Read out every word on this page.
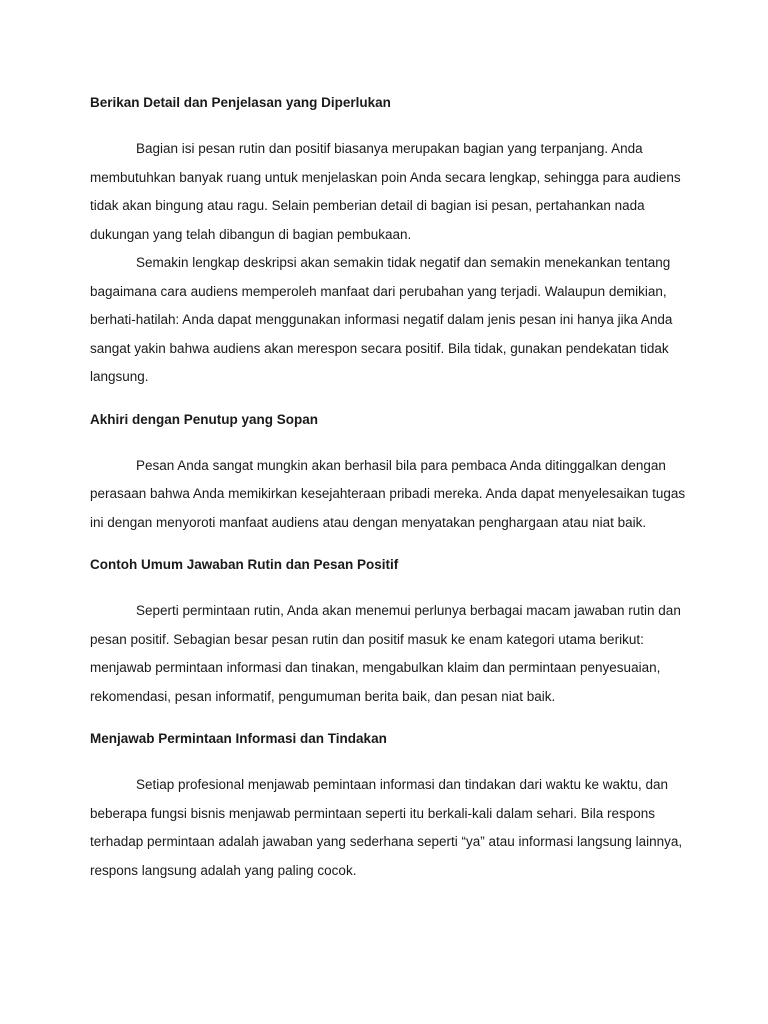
Berikan Detail dan Penjelasan yang Diperlukan

Bagian isi pesan rutin dan positif biasanya merupakan bagian yang terpanjang. Anda membutuhkan banyak ruang untuk menjelaskan poin Anda secara lengkap, sehingga para audiens tidak akan bingung atau ragu. Selain pemberian detail di bagian isi pesan, pertahankan nada dukungan yang telah dibangun di bagian pembukaan.

Semakin lengkap deskripsi akan semakin tidak negatif dan semakin menekankan tentang bagaimana cara audiens memperoleh manfaat dari perubahan yang terjadi. Walaupun demikian, berhati-hatilah: Anda dapat menggunakan informasi negatif dalam jenis pesan ini hanya jika Anda sangat yakin bahwa audiens akan merespon secara positif. Bila tidak, gunakan pendekatan tidak langsung.

Akhiri dengan Penutup yang Sopan

Pesan Anda sangat mungkin akan berhasil bila para pembaca Anda ditinggalkan dengan perasaan bahwa Anda memikirkan kesejahteraan pribadi mereka. Anda dapat menyelesaikan tugas ini dengan menyoroti manfaat audiens atau dengan menyatakan penghargaan atau niat baik.

Contoh Umum Jawaban Rutin dan Pesan Positif

Seperti permintaan rutin, Anda akan menemui perlunya berbagai macam jawaban rutin dan pesan positif. Sebagian besar pesan rutin dan positif masuk ke enam kategori utama berikut: menjawab permintaan informasi dan tinakan, mengabulkan klaim dan permintaan penyesuaian, rekomendasi, pesan informatif, pengumuman berita baik, dan pesan niat baik.

Menjawab Permintaan Informasi dan Tindakan

Setiap profesional menjawab pemintaan informasi dan tindakan dari waktu ke waktu, dan beberapa fungsi bisnis menjawab permintaan seperti itu berkali-kali dalam sehari. Bila respons terhadap permintaan adalah jawaban yang sederhana seperti “ya” atau informasi langsung lainnya, respons langsung adalah yang paling cocok.
